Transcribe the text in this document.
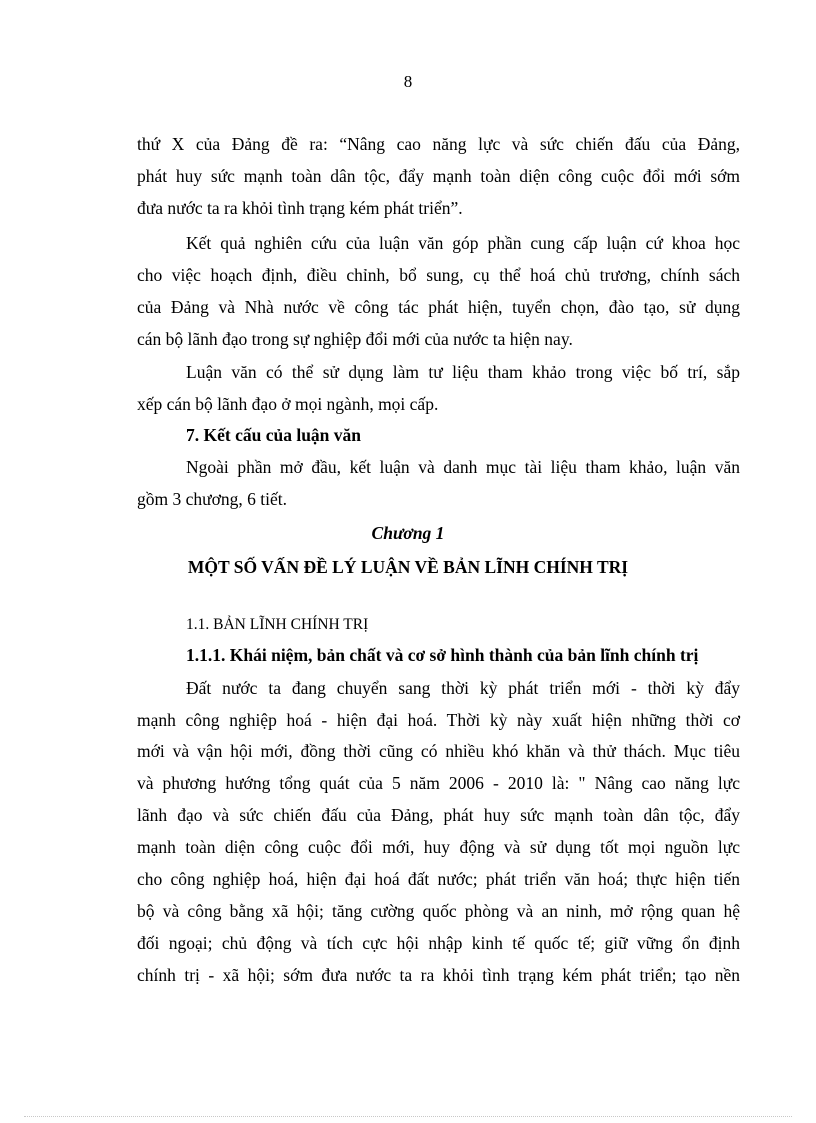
8
thứ X của Đảng đề ra: “Nâng cao năng lực và sức chiến đấu của Đảng,
phát huy sức mạnh toàn dân tộc, đẩy mạnh toàn diện công cuộc đổi mới sớm
đưa nước ta ra khỏi tình trạng kém phát triển”.
Kết quả nghiên cứu của luận văn góp phần cung cấp luận cứ khoa học
cho việc hoạch định, điều chỉnh, bổ sung, cụ thể hoá chủ trương, chính sách
của Đảng và Nhà nước về công tác phát hiện, tuyển chọn, đào tạo, sử dụng
cán bộ lãnh đạo trong sự nghiệp đổi mới của nước ta hiện nay.
Luận văn có thể sử dụng làm tư liệu tham khảo trong việc bố trí, sắp
xếp cán bộ lãnh đạo ở mọi ngành, mọi cấp.
7. Kết cấu của luận văn
Ngoài phần mở đầu, kết luận và danh mục tài liệu tham khảo, luận văn
gồm 3 chương, 6 tiết.
Chương 1
MỘT SỐ VẤN ĐỀ LÝ LUẬN VỀ BẢN LĨNH CHÍNH TRỊ
1.1. BẢN LĨNH CHÍNH TRỊ
1.1.1. Khái niệm, bản chất và cơ sở hình thành của bản lĩnh chính trị
Đất nước ta đang chuyển sang thời kỳ phát triển mới - thời kỳ đẩy
mạnh công nghiệp hoá - hiện đại hoá. Thời kỳ này xuất hiện những thời cơ
mới và vận hội mới, đồng thời cũng có nhiều khó khăn và thử thách. Mục tiêu
và phương hướng tổng quát của 5 năm 2006 - 2010 là: " Nâng cao năng lực
lãnh đạo và sức chiến đấu của Đảng, phát huy sức mạnh toàn dân tộc, đẩy
mạnh toàn diện công cuộc đổi mới, huy động và sử dụng tốt mọi nguồn lực
cho công nghiệp hoá, hiện đại hoá đất nước; phát triển văn hoá; thực hiện tiến
bộ và công bằng xã hội; tăng cường quốc phòng và an ninh, mở rộng quan hệ
đối ngoại; chủ động và tích cực hội nhập kinh tế quốc tế; giữ vững ổn định
chính trị - xã hội; sớm đưa nước ta ra khỏi tình trạng kém phát triển; tạo nền
